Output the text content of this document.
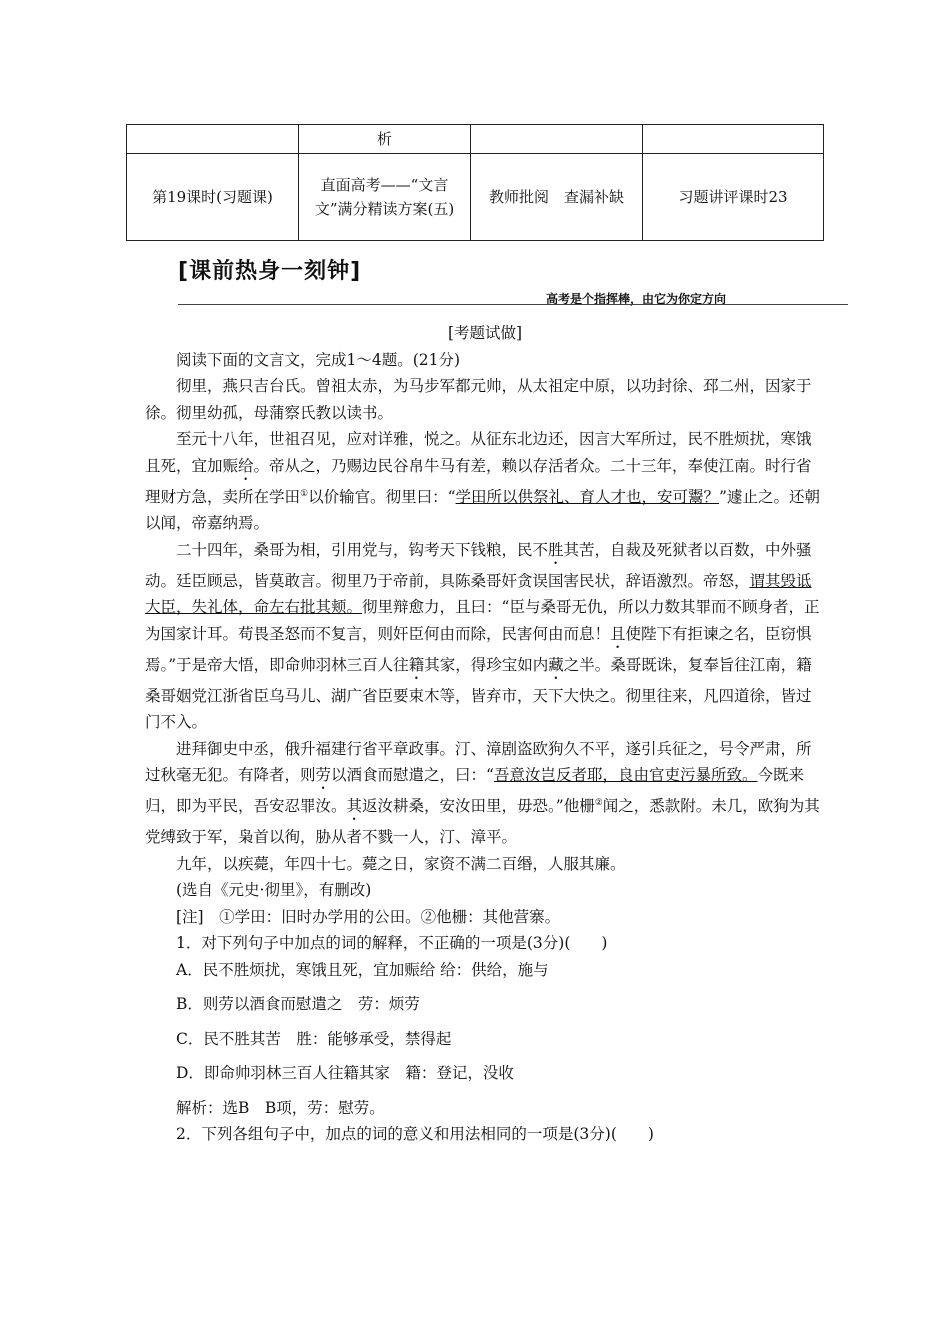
	析		
第19课时(习题课)	直面高考——“文言文”满分精读方案(五)	教师批阅　查漏补缺	习题讲评课时23
[课前热身一刻钟]
高考是个指挥棒，由它为你定方向

[考题试做]

阅读下面的文言文，完成1～4题。(21分)

彻里，燕只吉台氏。曾祖太赤，为马步军都元帅，从太祖定中原，以功封徐、邳二州，因家于徐。彻里幼孤，母蒲察氏教以读书。

至元十八年，世祖召见，应对详雅，悦之。从征东北边还，因言大军所过，民不胜烦扰，寒饿且死，宜加赈给。帝从之，乃赐边民谷帛牛马有差，赖以存活者众。二十三年，奉使江南。时行省理财方急，卖所在学田①以价输官。彻里曰：“学田所以供祭礼、育人才也，安可鬻？”遽止之。还朝以闻，帝嘉纳焉。

二十四年，桑哥为相，引用党与，钩考天下钱粮，民不胜其苦，自裁及死狱者以百数，中外骚动。廷臣顾忌，皆莫敢言。彻里乃于帝前，具陈桑哥奸贪误国害民状，辞语激烈。帝怒，谓其毁诋大臣，失礼体，命左右批其颊。彻里辩愈力，且曰：“臣与桑哥无仇，所以力数其罪而不顾身者，正为国家计耳。苟畏圣怒而不复言，则奸臣何由而除，民害何由而息！且使陛下有拒谏之名，臣窃惧焉。”于是帝大悟，即命帅羽林三百人往籍其家，得珍宝如内藏之半。桑哥既诛，复奉旨往江南，籍桑哥姻党江浙省臣乌马儿、湖广省臣要束木等，皆弃市，天下大快之。彻里往来，凡四道徐，皆过门不入。

进拜御史中丞，俄升福建行省平章政事。汀、漳剧盗欧狗久不平，遂引兵征之，号令严肃，所过秋毫无犯。有降者，则劳以酒食而慰遣之，曰：“吾意汝岂反者耶，良由官吏污暴所致。今既来归，即为平民，吾安忍罪汝。其返汝耕桑，安汝田里，毋恐。”他栅②闻之，悉款附。未几，欧狗为其党缚致于军，枭首以徇，胁从者不戮一人，汀、漳平。

九年，以疾薨，年四十七。薨之日，家资不满二百缗，人服其廉。

(选自《元史·彻里》，有删改)

[注]　①学田：旧时办学用的公田。②他栅：其他营寨。

1．对下列句子中加点的词的解释，不正确的一项是(3分)(　　)

A．民不胜烦扰，寒饿且死，宜加赈给 给：供给，施与

B．则劳以酒食而慰遣之　劳：烦劳

C．民不胜其苦　胜：能够承受，禁得起

D．即命帅羽林三百人往籍其家　籍：登记，没收

解析：选B　B项，劳：慰劳。

2．下列各组句子中，加点的词的意义和用法相同的一项是(3分)(　　)
